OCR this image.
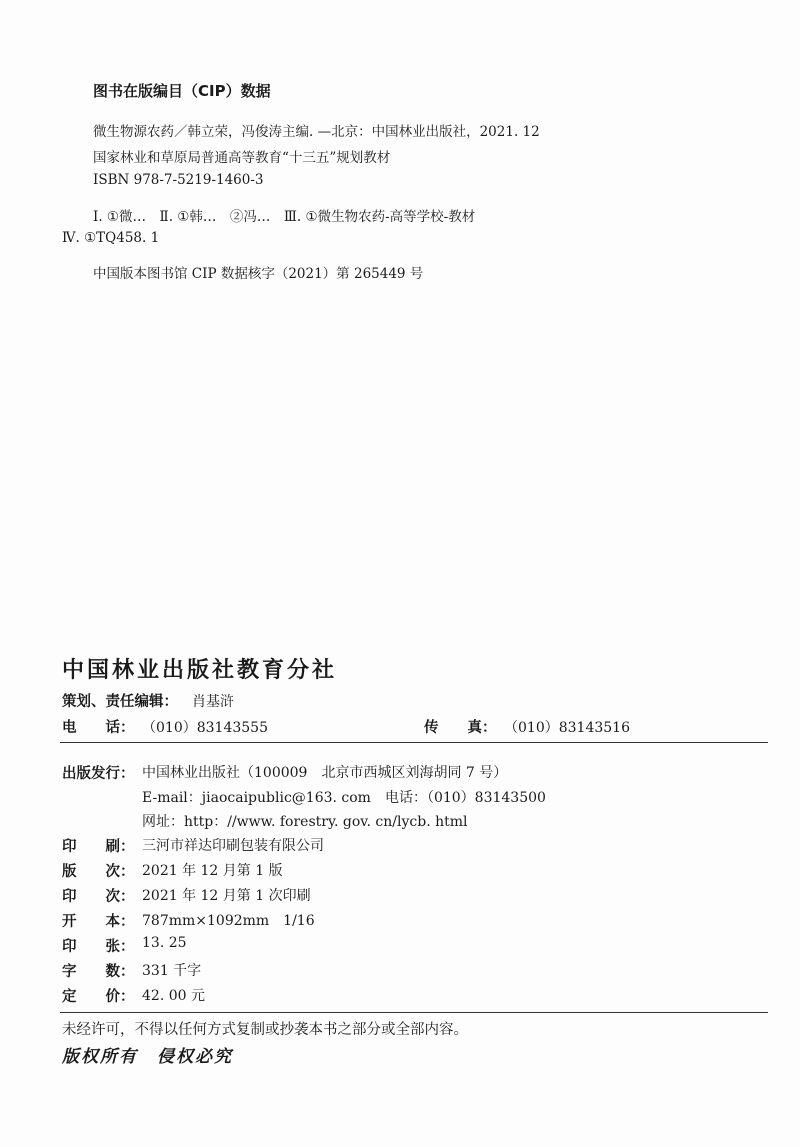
图书在版编目（CIP）数据
微生物源农药／韩立荣，冯俊涛主编. —北京：中国林业出版社，2021. 12
国家林业和草原局普通高等教育“十三五”规划教材
ISBN 978-7-5219-1460-3
Ⅰ. ①微…　Ⅱ. ①韩…　②冯…　Ⅲ. ①微生物农药-高等学校-教材
Ⅳ. ①TQ458. 1
中国版本图书馆 CIP 数据核字（2021）第 265449 号
中国林业出版社教育分社
策划、责任编辑： 肖基浒
电　　话： （010）83143555	传　　真： （010）83143516
出版发行： 中国林业出版社（100009　北京市西城区刘海胡同 7 号）
E-mail：jiaocaipublic@163. com　电话：（010）83143500
网址：http：//www. forestry. gov. cn/lycb. html
印　　刷： 三河市祥达印刷包装有限公司
版　　次： 2021 年 12 月第 1 版
印　　次： 2021 年 12 月第 1 次印刷
开　　本： 787mm×1092mm　1/16
印　　张： 13. 25
字　　数： 331 千字
定　　价： 42. 00 元
未经许可，不得以任何方式复制或抄袭本书之部分或全部内容。
版权所有　侵权必究
